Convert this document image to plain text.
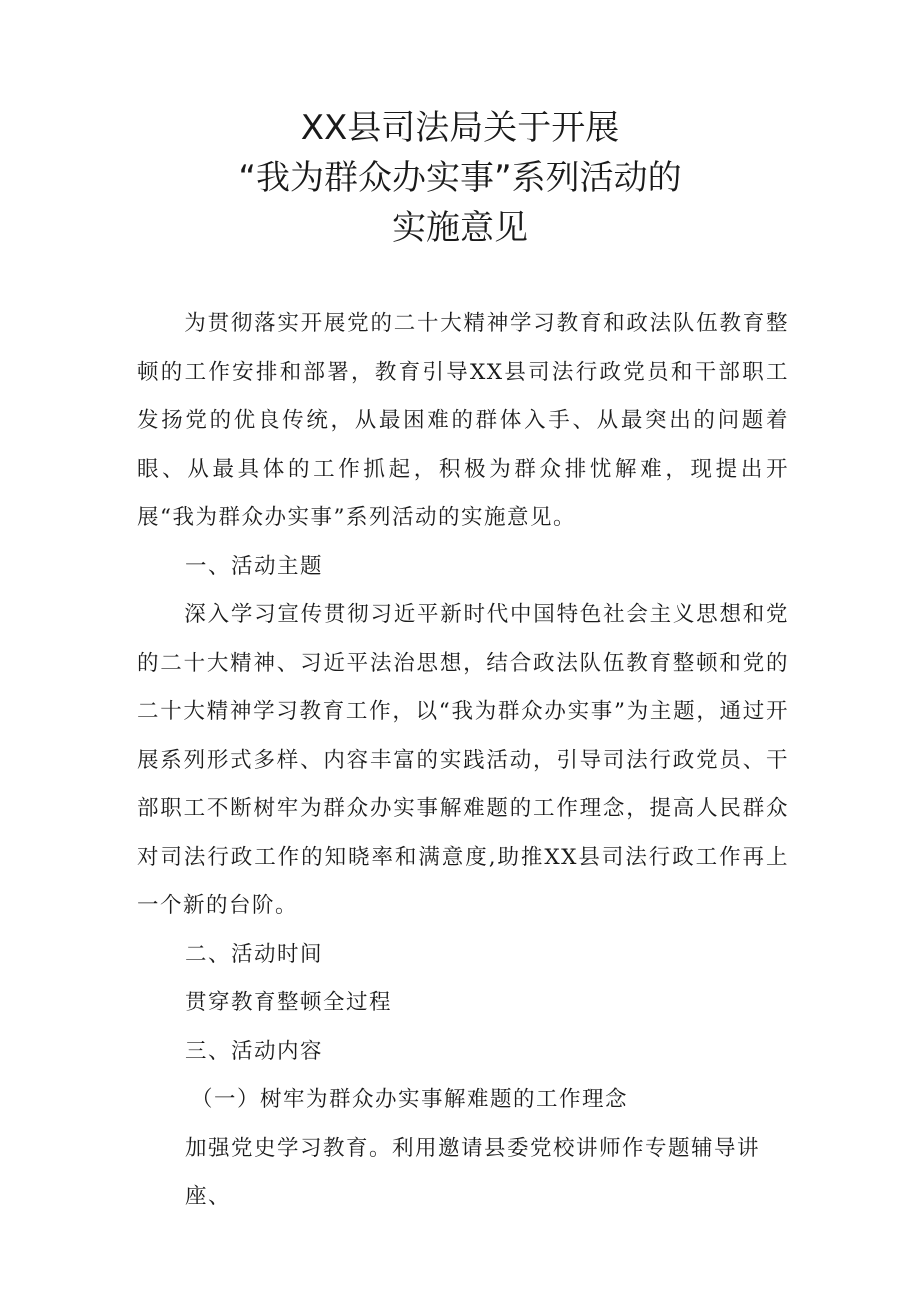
XX县司法局关于开展
“我为群众办实事”系列活动的
实施意见

为贯彻落实开展党的二十大精神学习教育和政法队伍教育整顿的工作安排和部署，教育引导XX县司法行政党员和干部职工发扬党的优良传统，从最困难的群体入手、从最突出的问题着眼、从最具体的工作抓起，积极为群众排忧解难，现提出开展“我为群众办实事”系列活动的实施意见。

一、活动主题

深入学习宣传贯彻习近平新时代中国特色社会主义思想和党的二十大精神、习近平法治思想，结合政法队伍教育整顿和党的二十大精神学习教育工作，以“我为群众办实事”为主题，通过开展系列形式多样、内容丰富的实践活动，引导司法行政党员、干部职工不断树牢为群众办实事解难题的工作理念，提高人民群众对司法行政工作的知晓率和满意度,助推XX县司法行政工作再上一个新的台阶。

二、活动时间

贯穿教育整顿全过程

三、活动内容

（一）树牢为群众办实事解难题的工作理念

加强党史学习教育。利用邀请县委党校讲师作专题辅导讲座、
